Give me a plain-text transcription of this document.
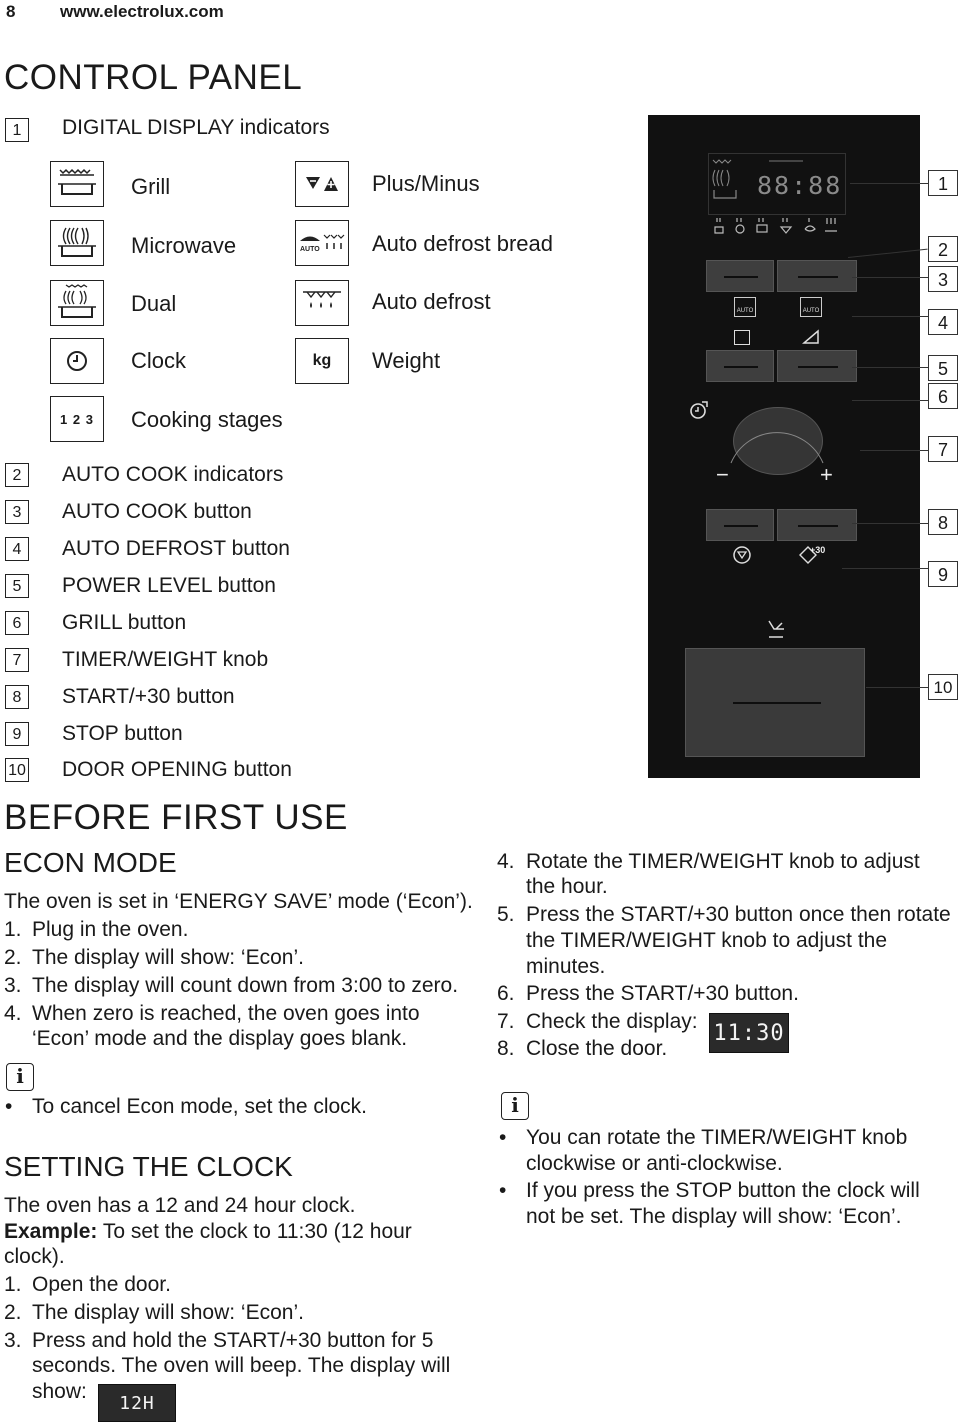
8	www.electrolux.com
CONTROL PANEL
1	DIGITAL DISPLAY indicators
Grill
Microwave
Dual
Clock
1 2 3 Cooking stages
Plus/Minus
AUTO Auto defrost bread
Auto defrost
kg Weight
2	AUTO COOK indicators
3	AUTO COOK button
4	AUTO DEFROST button
5	POWER LEVEL button
6	GRILL button
7	TIMER/WEIGHT knob
8	START/+30 button
9	STOP button
10 DOOR OPENING button
88:88
AUTO	AUTO
−	+
+30
1
2
3
4
5
6
7
8
9
10
BEFORE FIRST USE
ECON MODE
The oven is set in ‘ENERGY SAVE’ mode (‘Econ’).
1. Plug in the oven.
2. The display will show: ‘Econ’.
3. The display will count down from 3:00 to zero.
4. When zero is reached, the oven goes into
‘Econ’ mode and the display goes blank.
i
• To cancel Econ mode, set the clock.
SETTING THE CLOCK
The oven has a 12 and 24 hour clock.
Example: To set the clock to 11:30 (12 hour
clock).
1. Open the door.
2. The display will show: ‘Econ’.
3. Press and hold the START/+30 button for 5
seconds. The oven will beep. The display will
show:	12H
4. Rotate the TIMER/WEIGHT knob to adjust
the hour.
5. Press the START/+30 button once then rotate
the TIMER/WEIGHT knob to adjust the
minutes.
6. Press the START/+30 button.
7. Check the display: 11:30
8. Close the door.
i
• You can rotate the TIMER/WEIGHT knob
clockwise or anti-clockwise.
• If you press the STOP button the clock will
not be set. The display will show: ‘Econ’.
